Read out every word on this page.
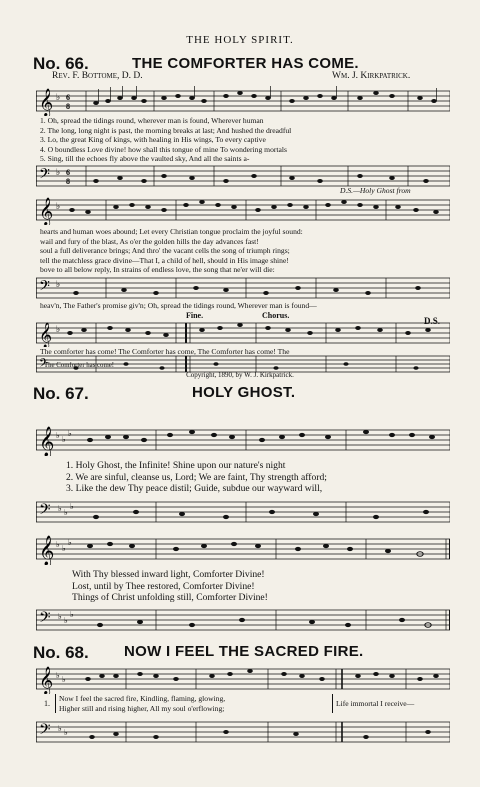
THE HOLY SPIRIT.
No. 66.	THE COMFORTER HAS COME.
Rev. F. Bottome, D. D.	Wm. J. Kirkpatrick.
𝄞 ♭ 6
8
1. Oh, spread the tidings round, wherever man is found, Wherever human
2. The long, long night is past, the morning breaks at last; And hushed the dreadful
3. Lo, the great King of kings, with healing in His wings, To every captive
4. O boundless Love divine! how shall this tongue of mine To wondering mortals
5. Sing, till the echoes fly above the vaulted sky, And all the saints a-
𝄢 ♭ 6
8
D.S.—Holy Ghost from
𝄞 ♭
hearts and human woes abound; Let every Christian tongue proclaim the joyful sound:
wail and fury of the blast, As o'er the golden hills the day advances fast!
soul a full deliverance brings; And thro' the vacant cells the song of triumph rings;
tell the matchless grace divine—That I, a child of hell, should in His image shine!
bove to all below reply, In strains of endless love, the song that ne'er will die:
𝄢 ♭
heav'n, The Father's promise giv'n; Oh, spread the tidings round, Wherever man is found—
Fine.	Chorus.
D.S.
𝄞 ♭
The comforter has come! The Comforter has come, The Comforter has come! The
𝄢
The Comforter has come!
Copyright, 1890, by W. J. Kirkpatrick.
No. 67.	HOLY GHOST.
𝄞 ♭ ♭
♭
1. Holy Ghost, the Infinite! Shine upon our nature's night
2. We are sinful, cleanse us, Lord; We are faint, Thy strength afford;
3. Like the dew Thy peace distil; Guide, subdue our wayward will,
𝄢 ♭ ♭
♭
𝄞 ♭ ♭
♭
With Thy blessed inward light, Comforter Divine!
Lost, until by Thee restored, Comforter Divine!
Things of Christ unfolding still, Comforter Divine!
𝄢 ♭ ♭
♭
No. 68. NOW I FEEL THE SACRED FIRE.
𝄞 ♭ ♭
1.
Now I feel the sacred fire, Kindling, flaming, glowing,
Higher still and rising higher, All my soul o'erflowing;
Life immortal I receive—
𝄢 ♭ ♭
